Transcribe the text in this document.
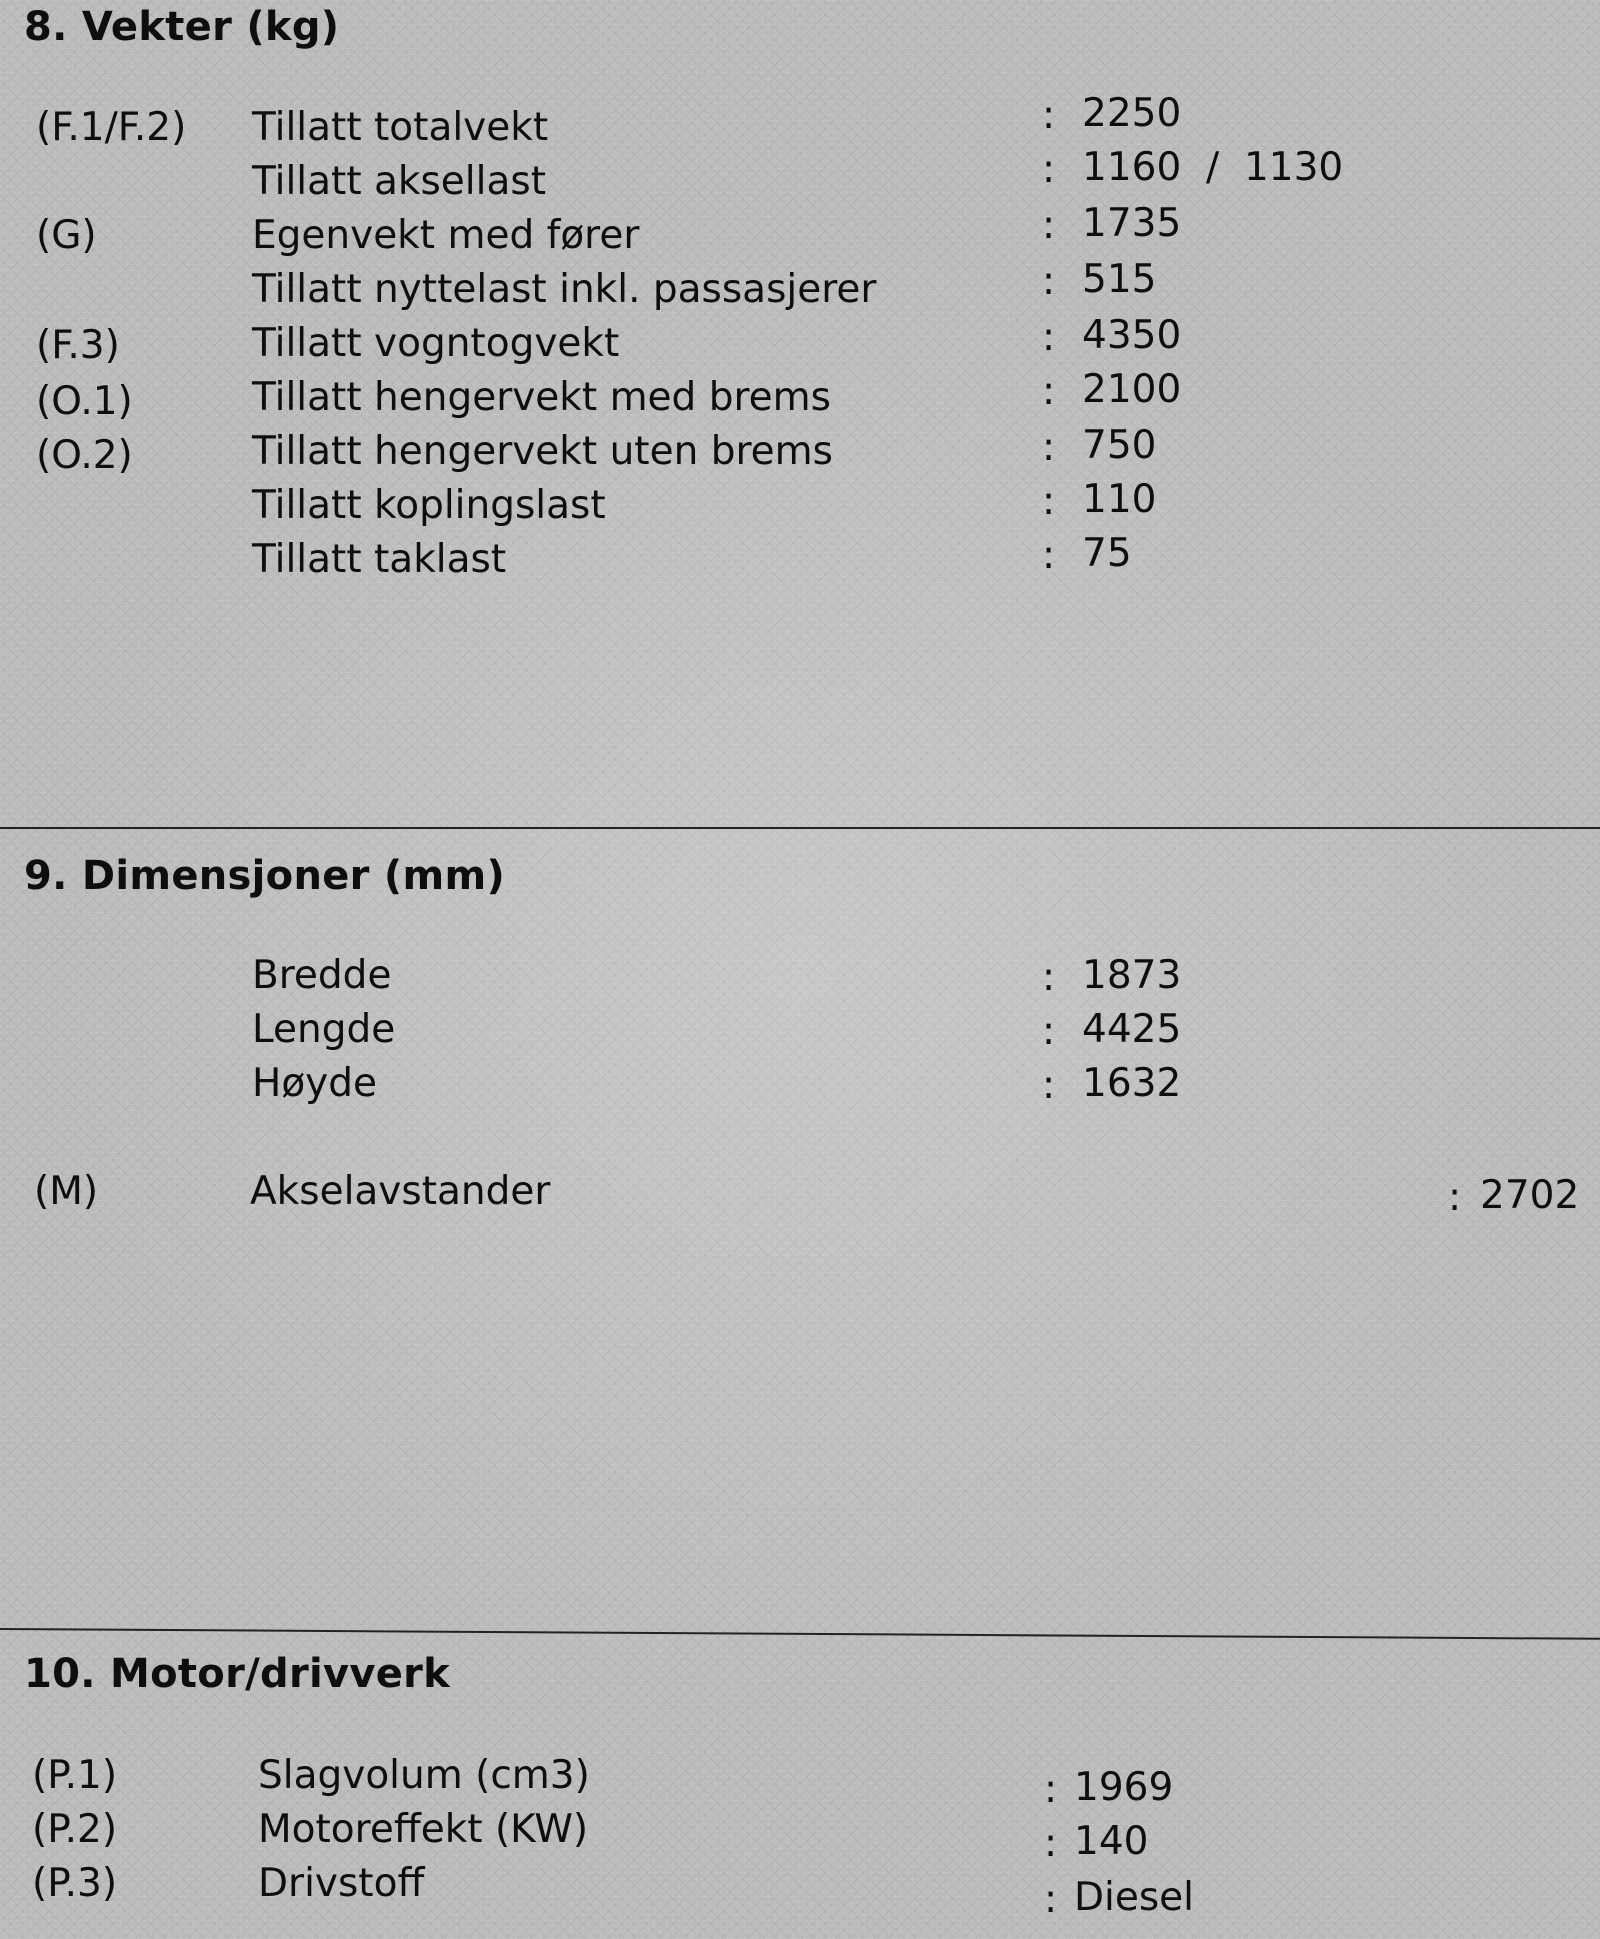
8. Vekter (kg)
(F.1/F.2) Tillatt totalvekt	: 2250
Tillatt aksellast	: 1160  /  1130
(G)	Egenvekt med fører	: 1735
Tillatt nyttelast inkl. passasjerer	: 515
(F.3)	Tillatt vogntogvekt	: 4350
(O.1)	Tillatt hengervekt med brems	: 2100
(O.2)	Tillatt hengervekt uten brems	: 750
Tillatt koplingslast	: 110
Tillatt taklast	: 75
9. Dimensjoner (mm)
Bredde	: 1873
Lengde	: 4425
Høyde	: 1632
(M)	Akselavstander	: 2702
10. Motor/drivverk
(P.1)	Slagvolum (cm3)	: 1969
(P.2)	Motoreffekt (KW)	: 140
(P.3)	Drivstoff	: Diesel
